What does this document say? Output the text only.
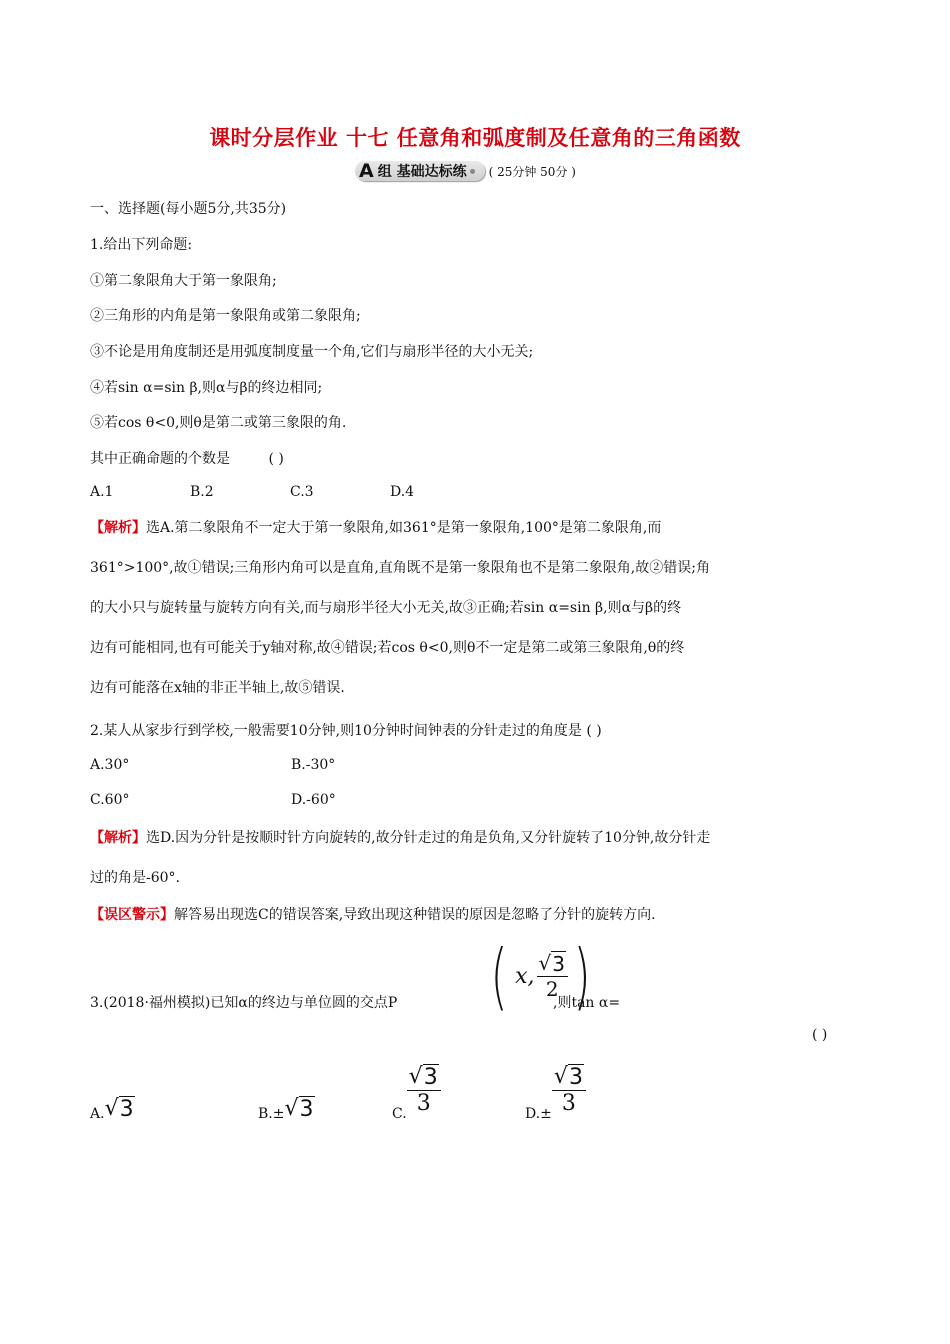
课时分层作业 十七 任意角和弧度制及任意角的三角函数
A 组 基础达标练 ( 25分钟 50分 )
一、选择题(每小题5分,共35分)
1.给出下列命题:
①第二象限角大于第一象限角;
②三角形的内角是第一象限角或第二象限角;
③不论是用角度制还是用弧度制度量一个角,它们与扇形半径的大小无关;
④若sin α=sin β,则α与β的终边相同;
⑤若cos θ<0,则θ是第二或第三象限的角.
其中正确命题的个数是	( )
A.1	B.2	C.3	D.4
【解析】选A.第二象限角不一定大于第一象限角,如361°是第一象限角,100°是第二象限角,而
361°>100°,故①错误;三角形内角可以是直角,直角既不是第一象限角也不是第二象限角,故②错误;角
的大小只与旋转量与旋转方向有关,而与扇形半径大小无关,故③正确;若sin α=sin β,则α与β的终
边有可能相同,也有可能关于y轴对称,故④错误;若cos θ<0,则θ不一定是第二或第三象限角,θ的终
边有可能落在x轴的非正半轴上,故⑤错误.
2.某人从家步行到学校,一般需要10分钟,则10分钟时间钟表的分针走过的角度是 ( )
A.30°	B.-30°
C.60°	D.-60°
【解析】选D.因为分针是按顺时针方向旋转的,故分针走过的角是负角,又分针旋转了10分钟,故分针走
过的角是-60°.
【误区警示】解答易出现选C的错误答案,导致出现这种错误的原因是忽略了分针的旋转方向.
3.(2018·福州模拟)已知α的终边与单位圆的交点P ( x, $\frac{√ 3}{2}$ )
,则tan α=
( )
A. √ 3	B.± √ 3	C. $\frac{√ 3}{3}$	$D.\pm \frac{√ 3}{3}$
